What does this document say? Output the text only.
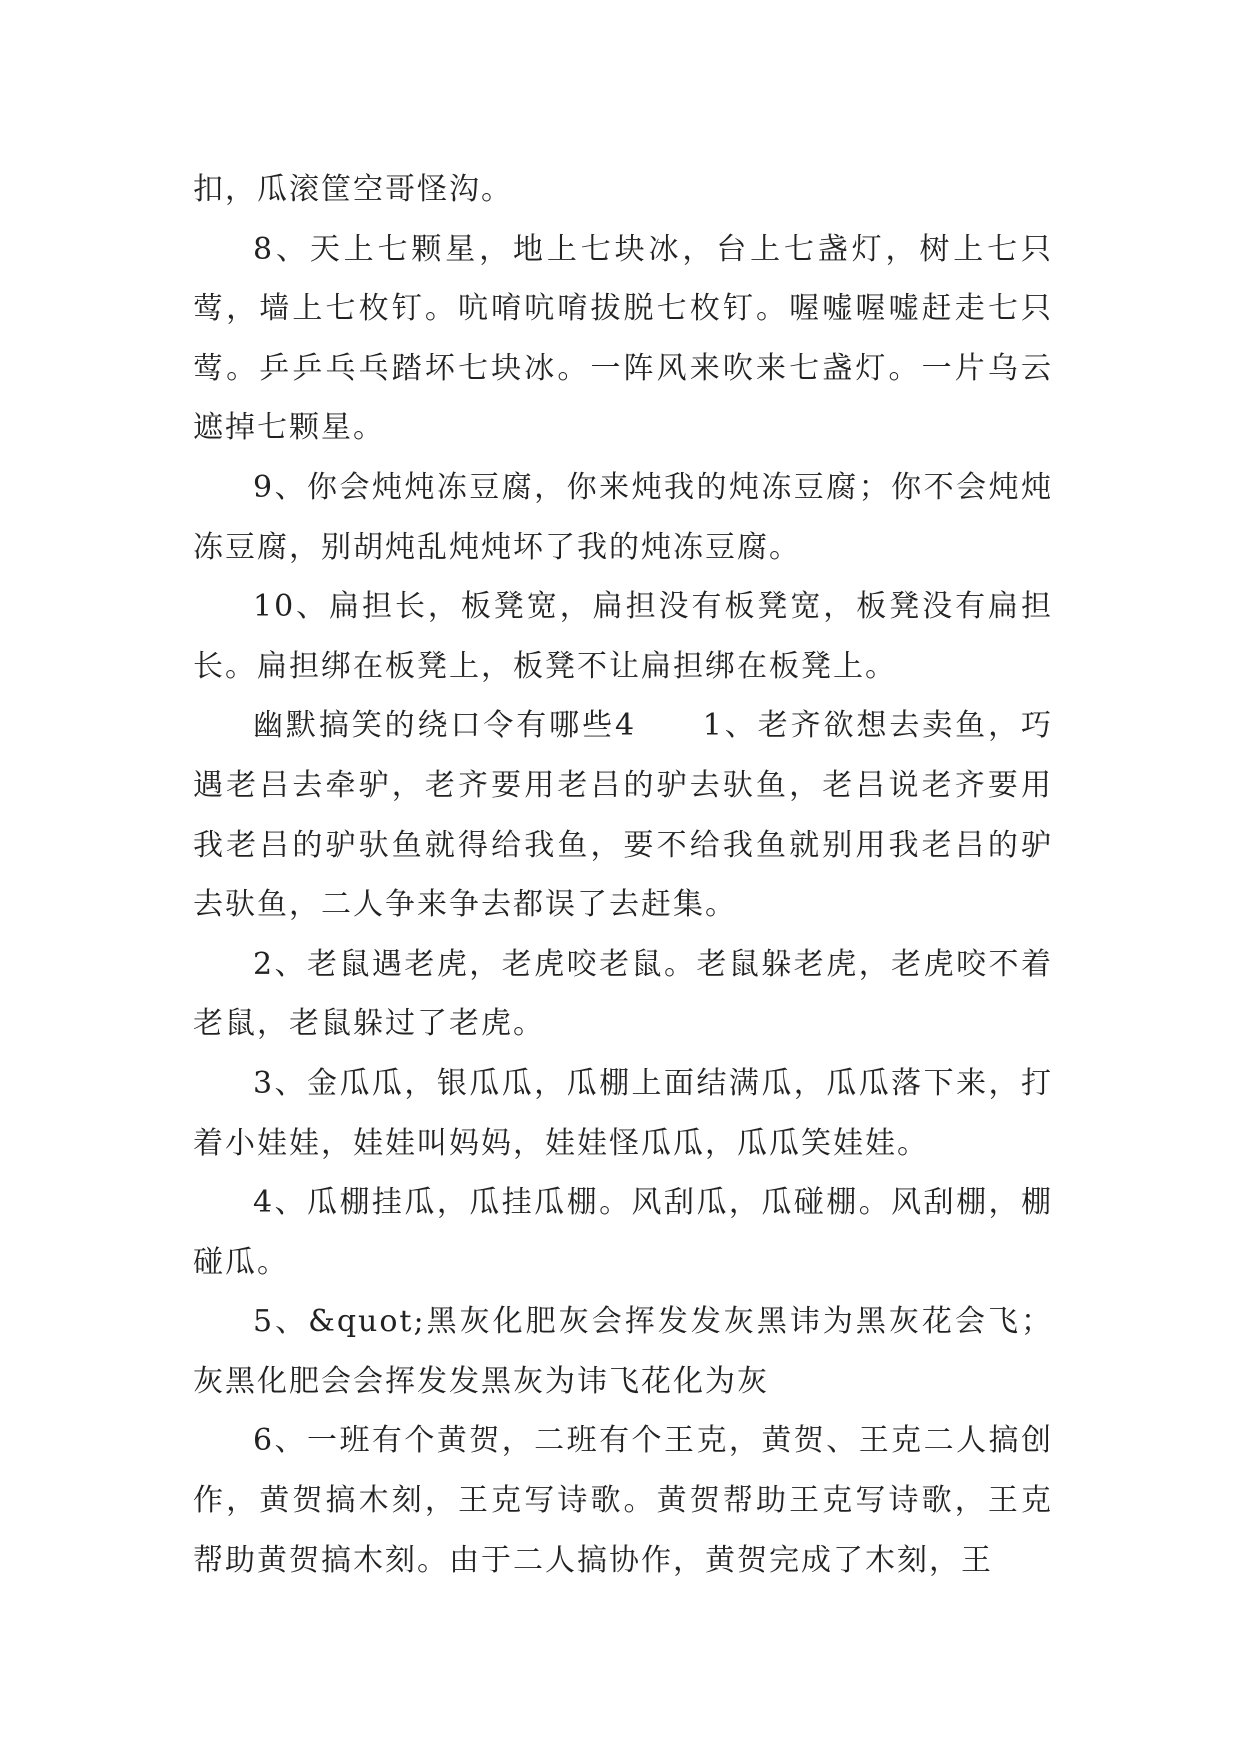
扣，瓜滚筐空哥怪沟。

8、天上七颗星，地上七块冰，台上七盏灯，树上七只莺，墙上七枚钉。吭唷吭唷拔脱七枚钉。喔嘘喔嘘赶走七只莺。乒乒乓乓踏坏七块冰。一阵风来吹来七盏灯。一片乌云遮掉七颗星。

9、你会炖炖冻豆腐，你来炖我的炖冻豆腐；你不会炖炖冻豆腐，别胡炖乱炖炖坏了我的炖冻豆腐。

10、扁担长，板凳宽，扁担没有板凳宽，板凳没有扁担长。扁担绑在板凳上，板凳不让扁担绑在板凳上。

幽默搞笑的绕口令有哪些4　　1、老齐欲想去卖鱼，巧遇老吕去牵驴，老齐要用老吕的驴去驮鱼，老吕说老齐要用我老吕的驴驮鱼就得给我鱼，要不给我鱼就别用我老吕的驴去驮鱼，二人争来争去都误了去赶集。

2、老鼠遇老虎，老虎咬老鼠。老鼠躲老虎，老虎咬不着老鼠，老鼠躲过了老虎。

3、金瓜瓜，银瓜瓜，瓜棚上面结满瓜，瓜瓜落下来，打着小娃娃，娃娃叫妈妈，娃娃怪瓜瓜，瓜瓜笑娃娃。

4、瓜棚挂瓜，瓜挂瓜棚。风刮瓜，瓜碰棚。风刮棚，棚碰瓜。

5、&quot;黑灰化肥灰会挥发发灰黑讳为黑灰花会飞；灰黑化肥会会挥发发黑灰为讳飞花化为灰

6、一班有个黄贺，二班有个王克，黄贺、王克二人搞创作，黄贺搞木刻，王克写诗歌。黄贺帮助王克写诗歌，王克帮助黄贺搞木刻。由于二人搞协作，黄贺完成了木刻，王
